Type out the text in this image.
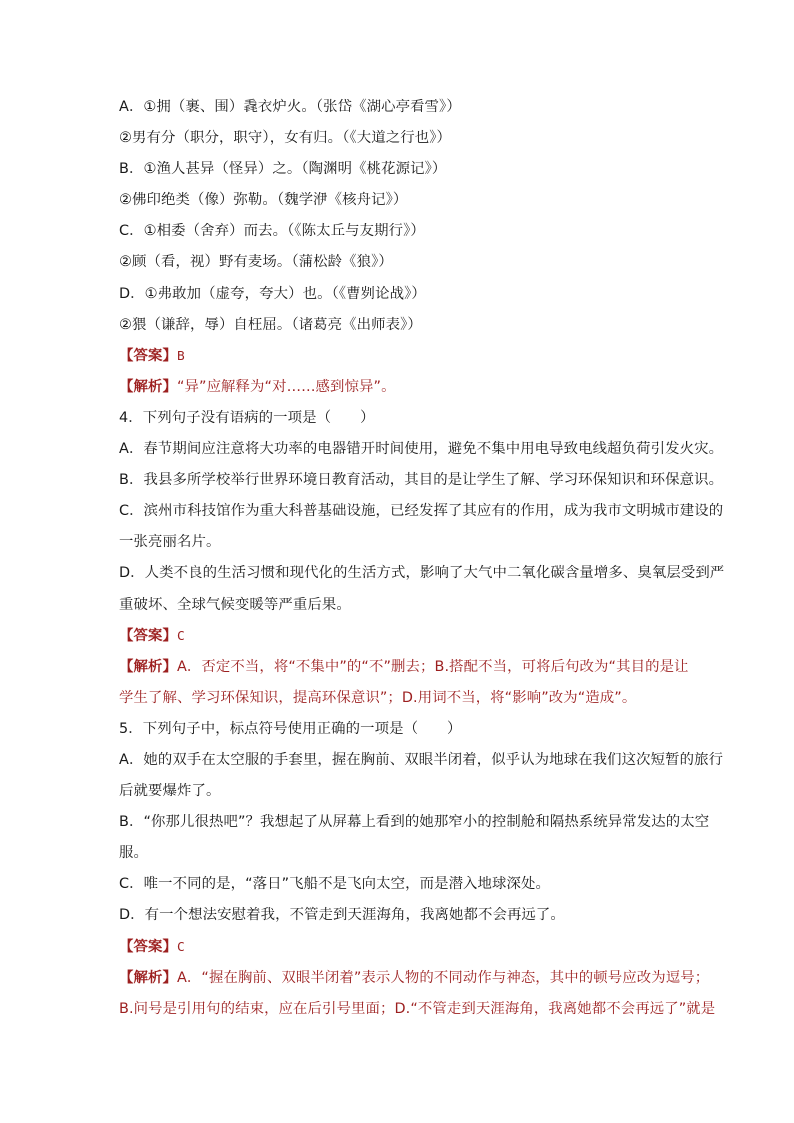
A．①拥（裹、围）毳衣炉火。（张岱《湖心亭看雪》）
②男有分（职分，职守），女有归。（《大道之行也》）
B．①渔人甚异（怪异）之。（陶渊明《桃花源记》）
②佛印绝类（像）弥勒。（魏学洢《核舟记》）
C．①相委（舍弃）而去。（《陈太丘与友期行》）
②顾（看，视）野有麦场。（蒲松龄《狼》）
D．①弗敢加（虚夸，夸大）也。（《曹刿论战》）
②猥（谦辞，辱）自枉屈。（诸葛亮《出师表》）
【答案】B
【解析】“异”应解释为“对……感到惊异”。
4．下列句子没有语病的一项是（　　）
A．春节期间应注意将大功率的电器错开时间使用，避免不集中用电导致电线超负荷引发火灾。
B．我县多所学校举行世界环境日教育活动，其目的是让学生了解、学习环保知识和环保意识。
C．滨州市科技馆作为重大科普基础设施，已经发挥了其应有的作用，成为我市文明城市建设的
一张亮丽名片。
D．人类不良的生活习惯和现代化的生活方式，影响了大气中二氧化碳含量增多、臭氧层受到严
重破坏、全球气候变暖等严重后果。
【答案】C
【解析】A．否定不当，将“不集中”的“不”删去；B.搭配不当，可将后句改为“其目的是让
学生了解、学习环保知识，提高环保意识”；D.用词不当，将“影响”改为“造成”。
5．下列句子中，标点符号使用正确的一项是（　　）
A．她的双手在太空服的手套里，握在胸前、双眼半闭着，似乎认为地球在我们这次短暂的旅行
后就要爆炸了。
B．“你那儿很热吧”？我想起了从屏幕上看到的她那窄小的控制舱和隔热系统异常发达的太空
服。
C．唯一不同的是，“落日”飞船不是飞向太空，而是潜入地球深处。
D．有一个想法安慰着我，不管走到天涯海角，我离她都不会再远了。
【答案】C
【解析】A．“握在胸前、双眼半闭着”表示人物的不同动作与神态，其中的顿号应改为逗号；
B.问号是引用句的结束，应在后引号里面；D.“不管走到天涯海角，我离她都不会再远了”就是
